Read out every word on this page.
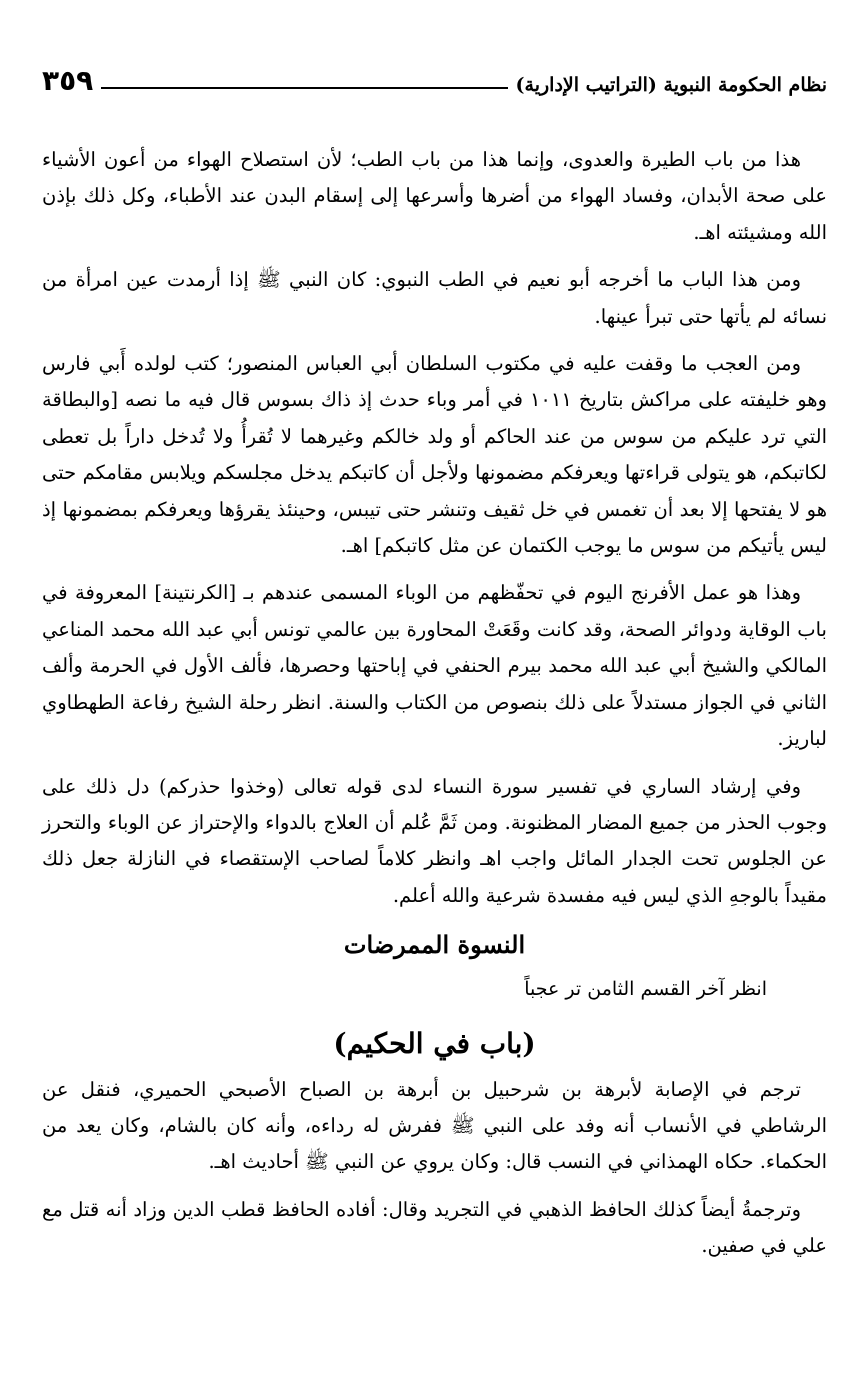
نظام الحكومة النبوية (التراتيب الإدارية)
٣٥٩

هذا من باب الطيرة والعدوى، وإنما هذا من باب الطب؛ لأن استصلاح الهواء من أعون الأشياء على صحة الأبدان، وفساد الهواء من أضرها وأسرعها إلى إسقام البدن عند الأطباء، وكل ذلك بإذن الله ومشيئته اهـ.

ومن هذا الباب ما أخرجه أبو نعيم في الطب النبوي: كان النبي ﷺ إذا أرمدت عين امرأة من نسائه لم يأتها حتى تبرأ عينها.

ومن العجب ما وقفت عليه في مكتوب السلطان أبي العباس المنصور؛ كتب لولده أَبي فارس وهو خليفته على مراكش بتاريخ ١٠١١ في أمر وباء حدث إذ ذاك بسوس قال فيه ما نصه [والبطاقة التي ترد عليكم من سوس من عند الحاكم أو ولد خالكم وغيرهما لا تُقرأُ ولا تُدخل داراً بل تعطى لكاتبكم، هو يتولى قراءتها ويعرفكم مضمونها ولأجل أن كاتبكم يدخل مجلسكم ويلابس مقامكم حتى هو لا يفتحها إلا بعد أن تغمس في خل ثقيف وتنشر حتى تيبس، وحينئذ يقرؤها ويعرفكم بمضمونها إذ ليس يأتيكم من سوس ما يوجب الكتمان عن مثل كاتبكم] اهـ.

وهذا هو عمل الأفرنج اليوم في تحفّظهم من الوباء المسمى عندهم بـ [الكرنتينة] المعروفة في باب الوقاية ودوائر الصحة، وقد كانت وقَعَتْ المحاورة بين عالمي تونس أبي عبد الله محمد المناعي المالكي والشيخ أبي عبد الله محمد بيرم الحنفي في إباحتها وحصرها، فألف الأول في الحرمة وألف الثاني في الجواز مستدلاً على ذلك بنصوص من الكتاب والسنة. انظر رحلة الشيخ رفاعة الطهطاوي لباريز.

وفي إرشاد الساري في تفسير سورة النساء لدى قوله تعالى (وخذوا حذركم) دل ذلك على وجوب الحذر من جميع المضار المظنونة. ومن ثَمَّ عُلم أن العلاج بالدواء والإحتراز عن الوباء والتحرز عن الجلوس تحت الجدار المائل واجب اهـ وانظر كلاماً لصاحب الإستقصاء في النازلة جعل ذلك مقيداً بالوجهِ الذي ليس فيه مفسدة شرعية والله أعلم.

النسوة الممرضات

انظر آخر القسم الثامن تر عجباً

(باب في الحكيم)

ترجم في الإصابة لأبرهة بن شرحبيل بن أبرهة بن الصباح الأصبحي الحميري، فنقل عن الرشاطي في الأنساب أنه وفد على النبي ﷺ ففرش له رداءه، وأنه كان بالشام، وكان يعد من الحكماء. حكاه الهمذاني في النسب قال: وكان يروي عن النبي ﷺ أحاديث اهـ.

وترجمةُ أيضاً كذلك الحافظ الذهبي في التجريد وقال: أفاده الحافظ قطب الدين وزاد أنه قتل مع علي في صفين.
